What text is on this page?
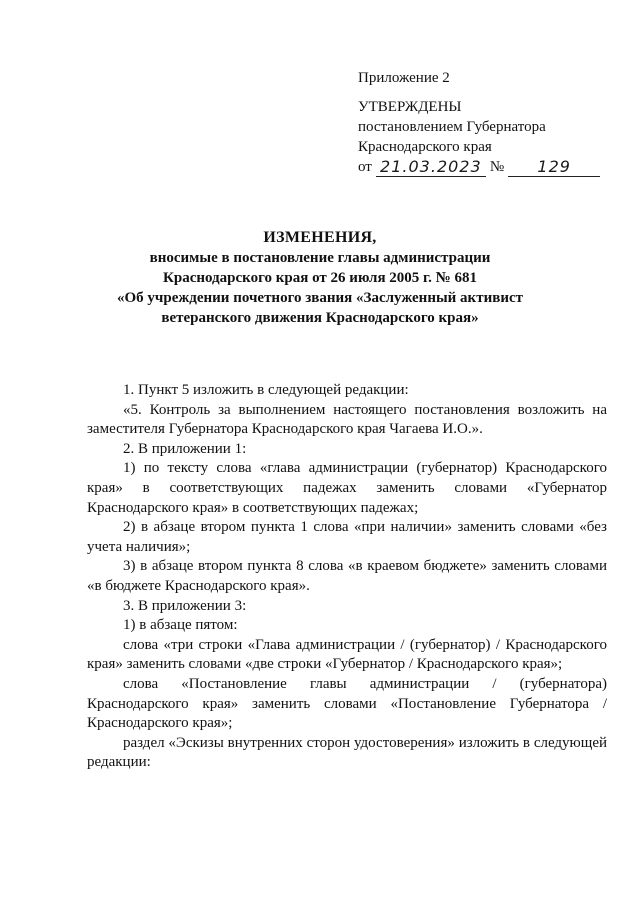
Приложение 2
УТВЕРЖДЕНЫ
постановлением Губернатора
Краснодарского края
от 21.03.2023 №	129
ИЗМЕНЕНИЯ,
вносимые в постановление главы администрации
Краснодарского края от 26 июля 2005 г. № 681
«Об учреждении почетного звания «Заслуженный активист
ветеранского движения Краснодарского края»

1. Пункт 5 изложить в следующей редакции:

«5. Контроль за выполнением настоящего постановления возложить на заместителя Губернатора Краснодарского края Чагаева И.О.».

2. В приложении 1:

1) по тексту слова «глава администрации (губернатор) Краснодарского края» в соответствующих падежах заменить словами «Губернатор Краснодарского края» в соответствующих падежах;

2) в абзаце втором пункта 1 слова «при наличии» заменить словами «без учета наличия»;

3) в абзаце втором пункта 8 слова «в краевом бюджете» заменить словами «в бюджете Краснодарского края».

3. В приложении 3:

1) в абзаце пятом:

слова «три строки «Глава администрации / (губернатор) / Краснодарского края» заменить словами «две строки «Губернатор / Краснодарского края»;

слова «Постановление главы администрации / (губернатора) Краснодарского края» заменить словами «Постановление Губернатора / Краснодарского края»;

раздел «Эскизы внутренних сторон удостоверения» изложить в следующей редакции:
